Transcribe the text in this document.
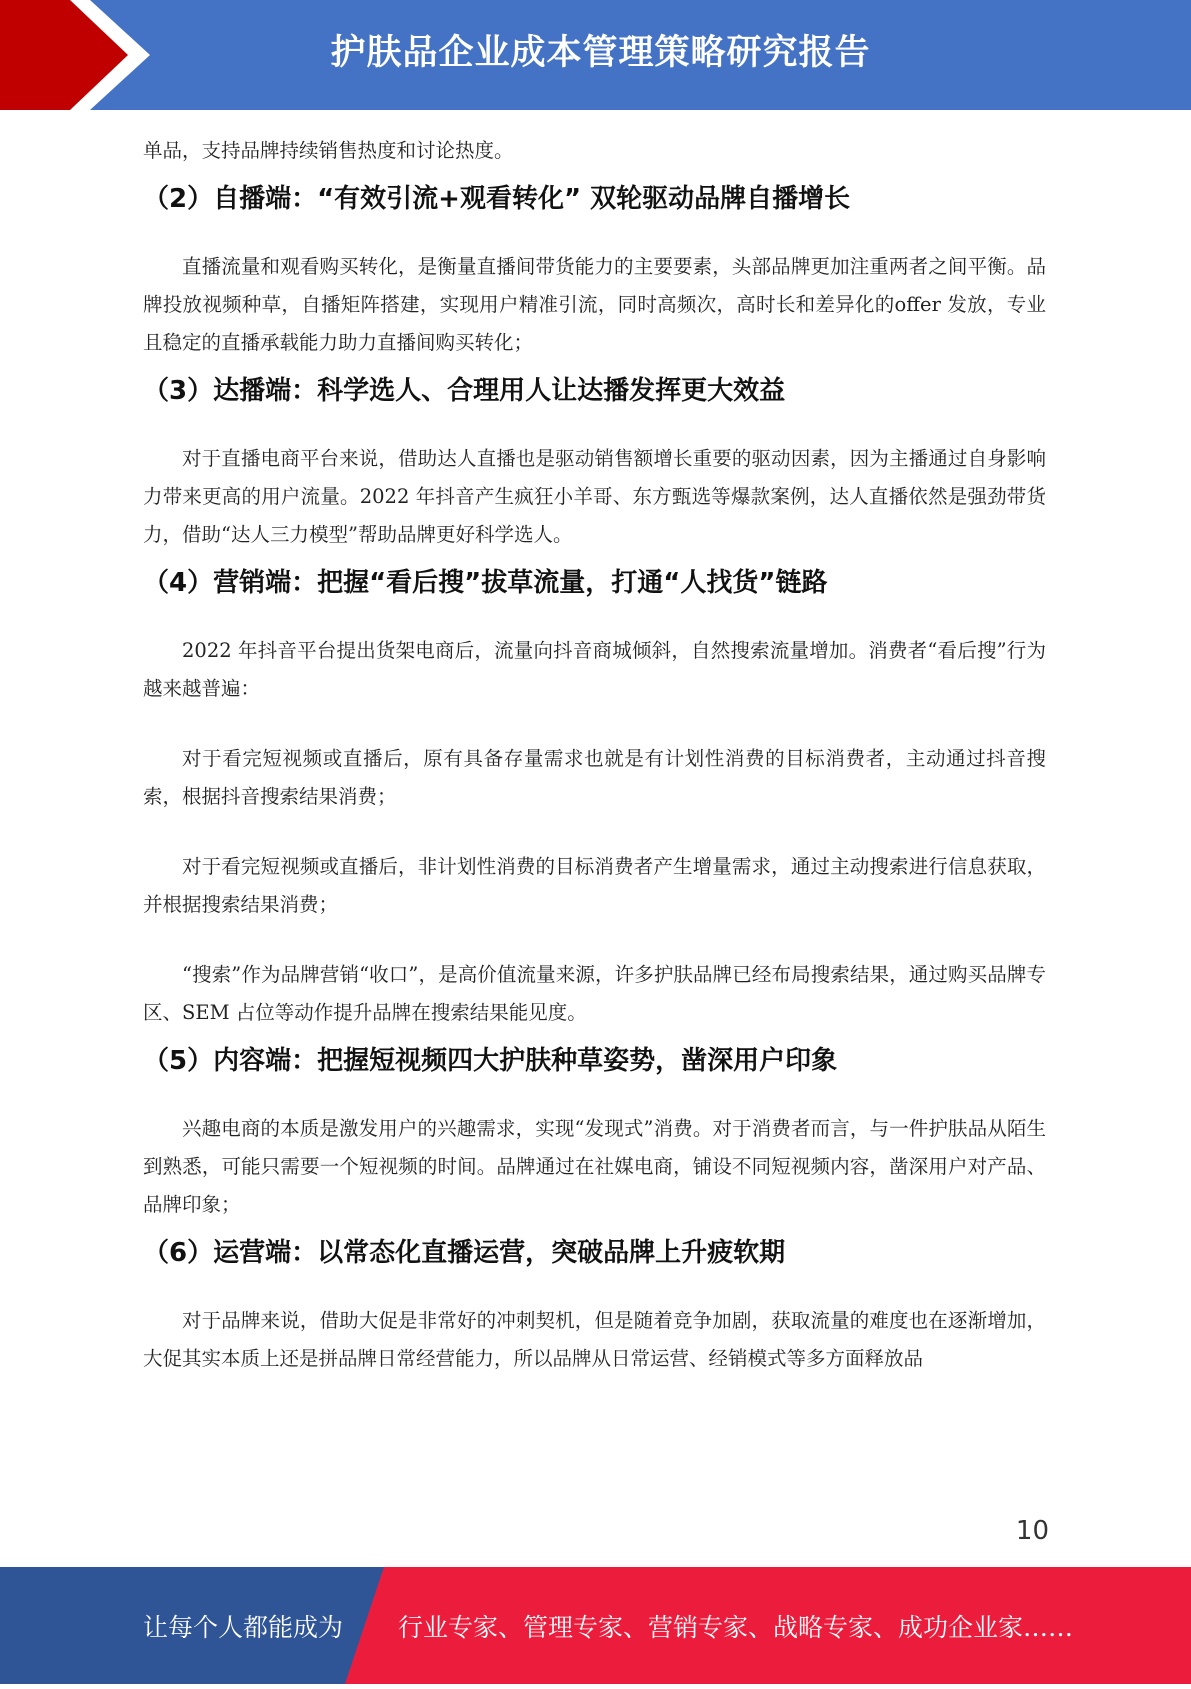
护肤品企业成本管理策略研究报告

单品，支持品牌持续销售热度和讨论热度。

（2）自播端：“有效引流+观看转化” 双轮驱动品牌自播增长

直播流量和观看购买转化，是衡量直播间带货能力的主要要素，头部品牌更加注重两者之间平衡。品牌投放视频种草，自播矩阵搭建，实现用户精准引流，同时高频次，高时长和差异化的offer 发放，专业且稳定的直播承载能力助力直播间购买转化；

（3）达播端：科学选人、合理用人让达播发挥更大效益

对于直播电商平台来说，借助达人直播也是驱动销售额增长重要的驱动因素，因为主播通过自身影响力带来更高的用户流量。2022 年抖音产生疯狂小羊哥、东方甄选等爆款案例，达人直播依然是强劲带货力，借助“达人三力模型”帮助品牌更好科学选人。

（4）营销端：把握“看后搜”拔草流量，打通“人找货”链路

2022 年抖音平台提出货架电商后，流量向抖音商城倾斜，自然搜索流量增加。消费者“看后搜”行为越来越普遍：

对于看完短视频或直播后，原有具备存量需求也就是有计划性消费的目标消费者，主动通过抖音搜索，根据抖音搜索结果消费；

对于看完短视频或直播后，非计划性消费的目标消费者产生增量需求，通过主动搜索进行信息获取，并根据搜索结果消费；

“搜索”作为品牌营销“收口”，是高价值流量来源，许多护肤品牌已经布局搜索结果，通过购买品牌专区、SEM 占位等动作提升品牌在搜索结果能见度。

（5）内容端：把握短视频四大护肤种草姿势，凿深用户印象

兴趣电商的本质是激发用户的兴趣需求，实现“发现式”消费。对于消费者而言，与一件护肤品从陌生到熟悉，可能只需要一个短视频的时间。品牌通过在社媒电商，铺设不同短视频内容，凿深用户对产品、品牌印象；

（6）运营端：以常态化直播运营，突破品牌上升疲软期

对于品牌来说，借助大促是非常好的冲刺契机，但是随着竞争加剧，获取流量的难度也在逐渐增加，大促其实本质上还是拼品牌日常经营能力，所以品牌从日常运营、经销模式等多方面释放品

10
让每个人都能成为 行业专家、管理专家、营销专家、战略专家、成功企业家……
